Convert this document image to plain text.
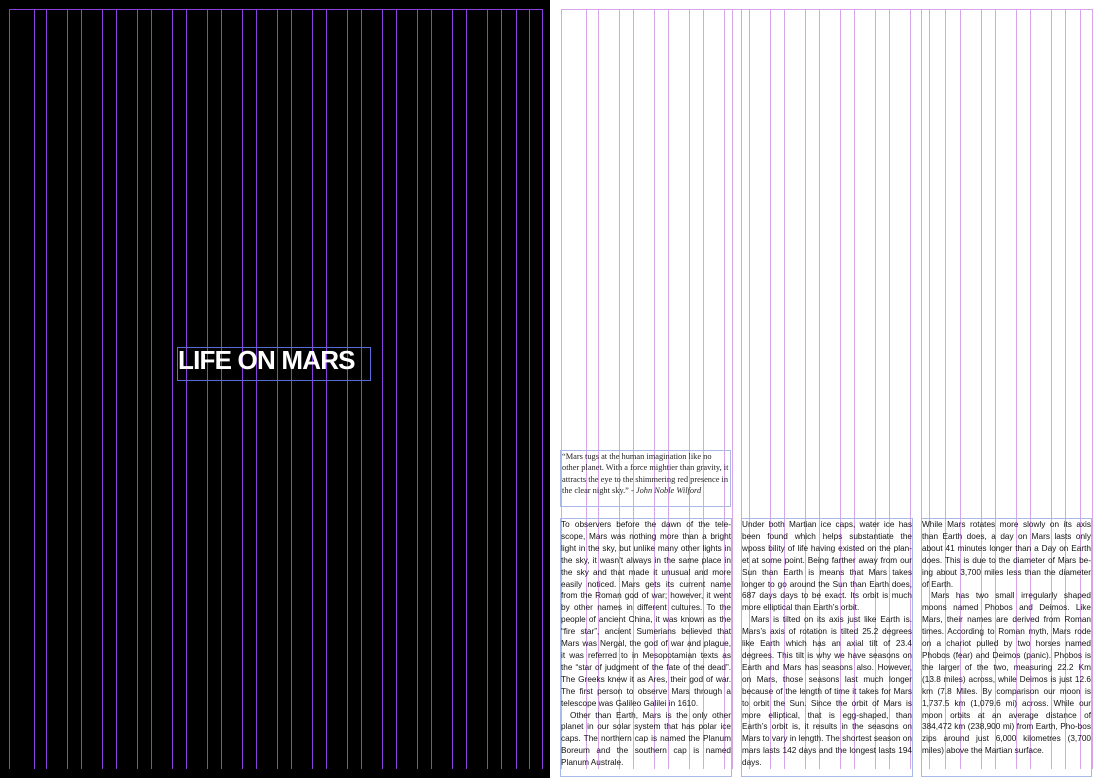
LIFE ON MARS
“Mars tugs at the human imagination like no other planet. With a force mightier than gravity, it attracts the eye to the shimmering red presence in the clear night sky.” - John Noble Wilford

To observers before the dawn of the tele-scope, Mars was nothing more than a bright light in the sky, but unlike many other lights in the sky, it wasn’t always in the same place in the sky and that made it unusual and more easily noticed. Mars gets its current name from the Roman god of war; however, it went by other names in different cultures. To the people of ancient China, it was known as the “fire star”, ancient Sumerians believed that Mars was Nergal, the god of war and plague, it was referred to in Mesopotamian texts as the “star of judgment of the fate of the dead”. The Greeks knew it as Ares, their god of war. The first person to observe Mars through a telescope was Galileo Galilei in 1610.

Other than Earth, Mars is the only other planet in our solar system that has polar ice caps. The northern cap is named the Planum Boreum and the southern cap is named Planum Australe.

Under both Martian ice caps, water ice has been found which helps substantiate the wposs bility of life having existed on the plan-et at some point. Being farther away from our Sun than Earth is means that Mars takes longer to go around the Sun than Earth does, 687 days days to be exact. Its orbit is much more elliptical than Earth’s orbit.

Mars is tilted on its axis just like Earth is. Mars’s axis of rotation is tilted 25.2 degrees like Earth which has an axial tilt of 23.4 degrees. This tilt is why we have seasons on Earth and Mars has seasons also. However, on Mars, those seasons last much longer because of the length of time it takes for Mars to orbit the Sun. Since the orbit of Mars is more elliptical, that is egg-shaped, than Earth’s orbit is, it results in the seasons on Mars to vary in length. The shortest season on mars lasts 142 days and the longest lasts 194 days.

While Mars rotates more slowly on its axis than Earth does, a day on Mars lasts only about 41 minutes longer than a Day on Earth does. This is due to the diameter of Mars be-ing about 3,700 miles less than the diameter of Earth.

Mars has two small irregularly shaped moons named Phobos and Deimos. Like Mars, their names are derived from Roman times. According to Roman myth, Mars rode on a chariot pulled by two horses named Phobos (fear) and Deimos (panic). Phobos is the larger of the two, measuring 22.2 Km (13.8 miles) across, while Deimos is just 12.6 km (7.8 Miles. By comparison our moon is 1,737.5 km (1,079.6 mi) across. While our moon orbits at an average distance of 384,472 km (238,900 mi) from Earth, Pho-bos zips around just 6,000 kilometres (3,700 miles) above the Martian surface.
